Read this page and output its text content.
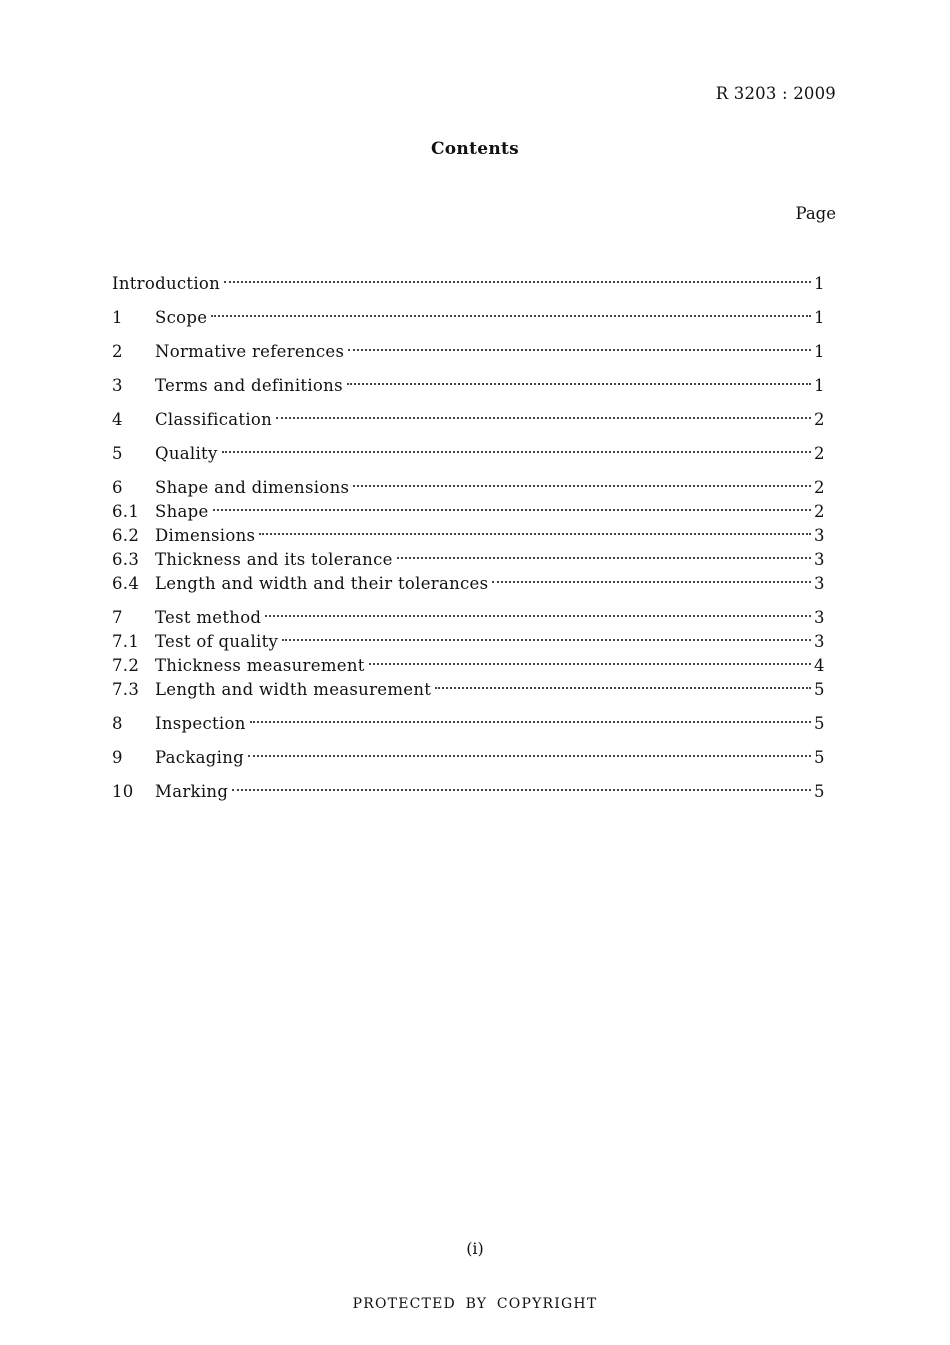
R 3203 : 2009
Contents
Page
Introduction	1
1	Scope	1
2	Normative references	1
3	Terms and definitions	1
4	Classification	2
5	Quality	2
6	Shape and dimensions	2
6.1 Shape	2
6.2 Dimensions	3
6.3 Thickness and its tolerance	3
6.4 Length and width and their tolerances	3
7	Test method	3
7.1 Test of quality	3
7.2 Thickness measurement	4
7.3 Length and width measurement	5
8	Inspection	5
9	Packaging	5
10	Marking	5
(i)
PROTECTED BY COPYRIGHT
